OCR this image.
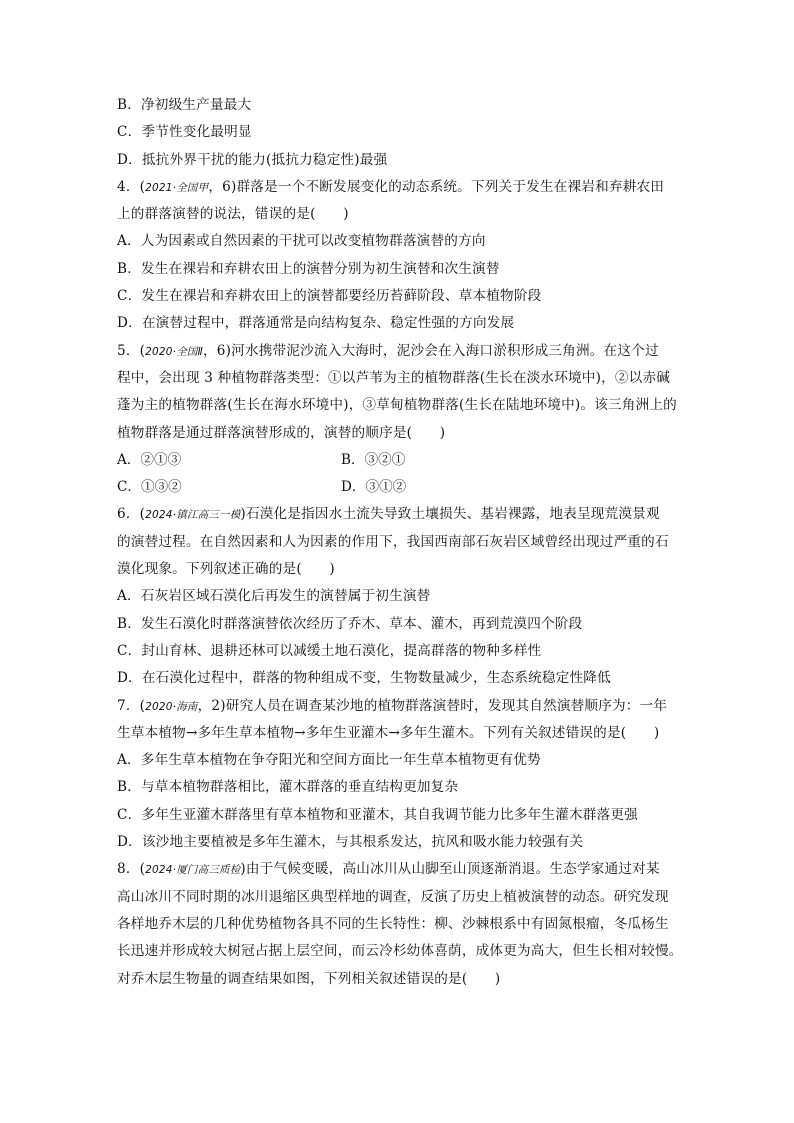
B．净初级生产量最大
C．季节性变化最明显
D．抵抗外界干扰的能力(抵抗力稳定性)最强
4．(2021·全国甲，6)群落是一个不断发展变化的动态系统。下列关于发生在裸岩和弃耕农田
上的群落演替的说法，错误的是(　　)
A．人为因素或自然因素的干扰可以改变植物群落演替的方向
B．发生在裸岩和弃耕农田上的演替分别为初生演替和次生演替
C．发生在裸岩和弃耕农田上的演替都要经历苔藓阶段、草本植物阶段
D．在演替过程中，群落通常是向结构复杂、稳定性强的方向发展
5．(2020·全国Ⅱ，6)河水携带泥沙流入大海时，泥沙会在入海口淤积形成三角洲。在这个过
程中，会出现 3 种植物群落类型：①以芦苇为主的植物群落(生长在淡水环境中)，②以赤碱
蓬为主的植物群落(生长在海水环境中)，③草甸植物群落(生长在陆地环境中)。该三角洲上的
植物群落是通过群落演替形成的，演替的顺序是(　　)
A．②①③	B．③②①
C．①③②	D．③①②
6．(2024·镇江高三一模)石漠化是指因水土流失导致土壤损失、基岩裸露，地表呈现荒漠景观
的演替过程。在自然因素和人为因素的作用下，我国西南部石灰岩区域曾经出现过严重的石
漠化现象。下列叙述正确的是(　　)
A．石灰岩区域石漠化后再发生的演替属于初生演替
B．发生石漠化时群落演替依次经历了乔木、草本、灌木，再到荒漠四个阶段
C．封山育林、退耕还林可以减缓土地石漠化，提高群落的物种多样性
D．在石漠化过程中，群落的物种组成不变，生物数量减少，生态系统稳定性降低
7．(2020·海南，2)研究人员在调查某沙地的植物群落演替时，发现其自然演替顺序为：一年
生草本植物→多年生草本植物→多年生亚灌木→多年生灌木。下列有关叙述错误的是(　　)
A．多年生草本植物在争夺阳光和空间方面比一年生草本植物更有优势
B．与草本植物群落相比，灌木群落的垂直结构更加复杂
C．多年生亚灌木群落里有草本植物和亚灌木，其自我调节能力比多年生灌木群落更强
D．该沙地主要植被是多年生灌木，与其根系发达，抗风和吸水能力较强有关
8．(2024·厦门高三质检)由于气候变暖，高山冰川从山脚至山顶逐渐消退。生态学家通过对某
高山冰川不同时期的冰川退缩区典型样地的调查，反演了历史上植被演替的动态。研究发现
各样地乔木层的几种优势植物各具不同的生长特性：柳、沙棘根系中有固氮根瘤，冬瓜杨生
长迅速并形成较大树冠占据上层空间，而云冷杉幼体喜荫，成体更为高大，但生长相对较慢。
对乔木层生物量的调查结果如图，下列相关叙述错误的是(　　)
